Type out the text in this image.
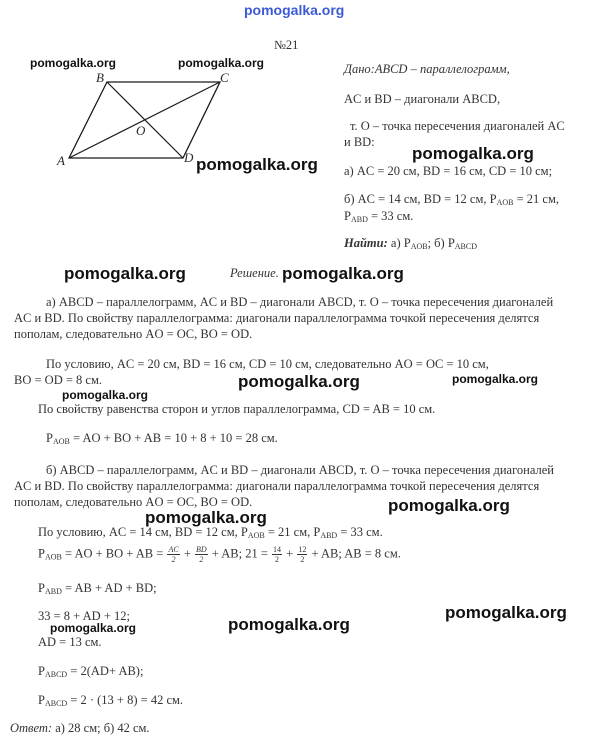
pomogalka.org
№21
A
B	C
D
O
Дано:ABCD – параллелограмм,
AC и BD – диагонали ABCD,
т. O – точка пересечения диагоналей AC
и BD:
а) AC = 20 см, BD = 16 см, CD = 10 см;
б) AC = 14 см, BD = 12 см, $P_{AOB} = 21$ см,
$P_{ABD} = 33$ см.
Найти: а) $P_{AOB}$; б) $P_{ABCD}$
Решение.
а) ABCD – параллелограмм, AC и BD – диагонали ABCD, т. O – точка пересечения диагоналей
AC и BD. По свойству параллелограмма: диагонали параллелограмма точкой пересечения делятся
пополам, следовательно AO = OC, BO = OD.
По условию, AC = 20 см, BD = 16 см, CD = 10 см, следовательно AO = OC = 10 см,
BO = OD = 8 см.
По свойству равенства сторон и углов параллелограмма, CD = AB = 10 см.
$P_{AOB}$ = AO + BO + AB = 10 + 8 + 10 = 28 см.
б) ABCD – параллелограмм, AC и BD – диагонали ABCD, т. O – точка пересечения диагоналей
AC и BD. По свойству параллелограмма: диагонали параллелограмма точкой пересечения делятся
пополам, следовательно AO = OC, BO = OD.
По условию, AC = 14 см, BD = 12 см, $P_{AOB} = 21$ см, $P_{ABD} = 33$ см.
$P_{AOB}$ = AO + BO + AB = $\frac{AC}{2} + \frac{BD}{2}$ + AB; $21 = \frac{14}{2} + \frac{12}{2}$ + AB; AB = 8 см.
$P_{ABD}$ = AB + AD + BD;
33 = 8 + AD + 12;
AD = 13 см.
$P_{ABCD} = 2(AD+ AB)$;
$P_{ABCD} = 2 \cdot (13 + 8) = 42$ см.
Ответ: а) 28 см; б) 42 см.
pomogalka.org	pomogalka.org
pomogalka.org
pomogalka.org
pomogalka.org	pomogalka.org
pomogalka.org	pomogalka.org
pomogalka.org
pomogalka.org
pomogalka.org
pomogalka.org
pomogalka.org
pomogalka.org
